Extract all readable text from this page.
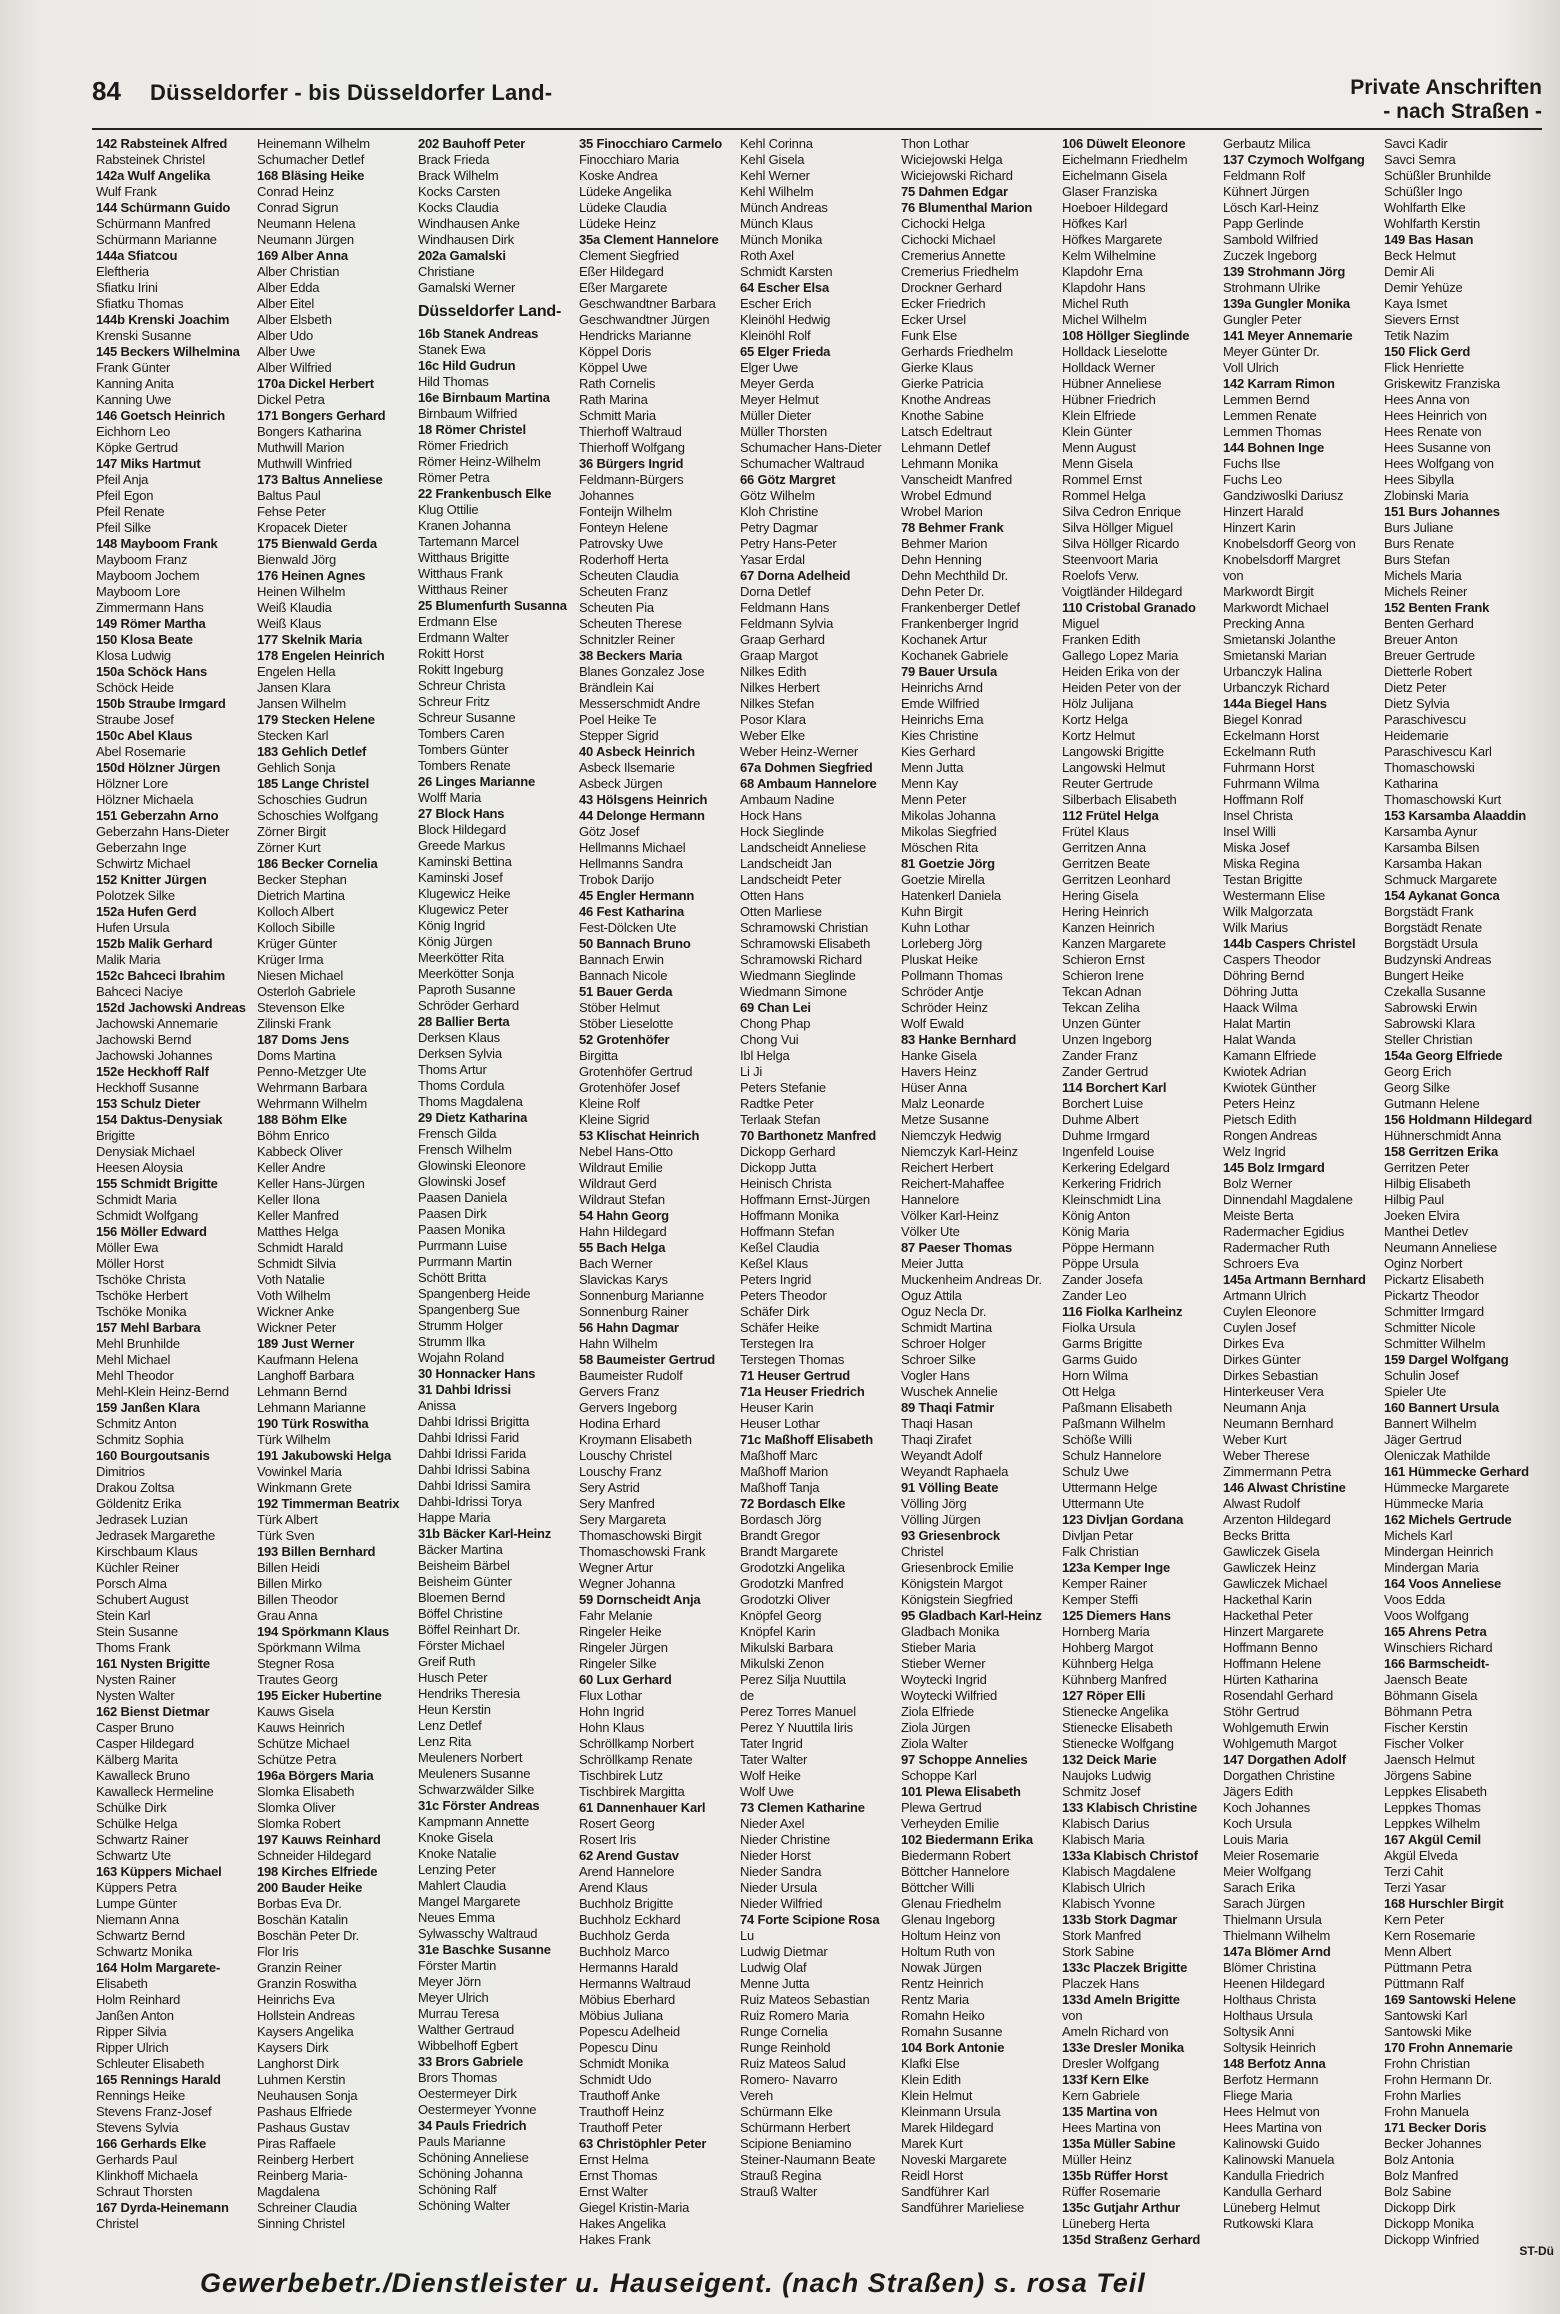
84 Düsseldorfer - bis Düsseldorfer Land-	Private Anschriften
- nach Straßen -
142 Rabsteinek Alfred
Rabsteinek Christel
142a Wulf Angelika
Wulf Frank
144 Schürmann Guido
Schürmann Manfred
Schürmann Marianne
144a Sfiatcou
Eleftheria
Sfiatku Irini
Sfiatku Thomas
144b Krenski Joachim
Krenski Susanne
145 Beckers Wilhelmina
Frank Günter
Kanning Anita
Kanning Uwe
146 Goetsch Heinrich
Eichhorn Leo
Köpke Gertrud
147 Miks Hartmut
Pfeil Anja
Pfeil Egon
Pfeil Renate
Pfeil Silke
148 Mayboom Frank
Mayboom Franz
Mayboom Jochem
Mayboom Lore
Zimmermann Hans
149 Römer Martha
150 Klosa Beate
Klosa Ludwig
150a Schöck Hans
Schöck Heide
150b Straube Irmgard
Straube Josef
150c Abel Klaus
Abel Rosemarie
150d Hölzner Jürgen
Hölzner Lore
Hölzner Michaela
151 Geberzahn Arno
Geberzahn Hans-Dieter
Geberzahn Inge
Schwirtz Michael
152 Knitter Jürgen
Polotzek Silke
152a Hufen Gerd
Hufen Ursula
152b Malik Gerhard
Malik Maria
152c Bahceci Ibrahim
Bahceci Naciye
152d Jachowski Andreas
Jachowski Annemarie
Jachowski Bernd
Jachowski Johannes
152e Heckhoff Ralf
Heckhoff Susanne
153 Schulz Dieter
154 Daktus-Denysiak
Brigitte
Denysiak Michael
Heesen Aloysia
155 Schmidt Brigitte
Schmidt Maria
Schmidt Wolfgang
156 Möller Edward
Möller Ewa
Möller Horst
Tschöke Christa
Tschöke Herbert
Tschöke Monika
157 Mehl Barbara
Mehl Brunhilde
Mehl Michael
Mehl Theodor
Mehl-Klein Heinz-Bernd
159 Janßen Klara
Schmitz Anton
Schmitz Sophia
160 Bourgoutsanis
Dimitrios
Drakou Zoltsa
Göldenitz Erika
Jedrasek Luzian
Jedrasek Margarethe
Kirschbaum Klaus
Küchler Reiner
Porsch Alma
Schubert August
Stein Karl
Stein Susanne
Thoms Frank
161 Nysten Brigitte
Nysten Rainer
Nysten Walter
162 Bienst Dietmar
Casper Bruno
Casper Hildegard
Kälberg Marita
Kawalleck Bruno
Kawalleck Hermeline
Schülke Dirk
Schülke Helga
Schwartz Rainer
Schwartz Ute
163 Küppers Michael
Küppers Petra
Lumpe Günter
Niemann Anna
Schwartz Bernd
Schwartz Monika
164 Holm Margarete-
Elisabeth
Holm Reinhard
Janßen Anton
Ripper Silvia
Ripper Ulrich
Schleuter Elisabeth
165 Rennings Harald
Rennings Heike
Stevens Franz-Josef
Stevens Sylvia
166 Gerhards Elke
Gerhards Paul
Klinkhoff Michaela
Schraut Thorsten
167 Dyrda-Heinemann
Christel
Heinemann Wilhelm
Schumacher Detlef
168 Bläsing Heike
Conrad Heinz
Conrad Sigrun
Neumann Helena
Neumann Jürgen
169 Alber Anna
Alber Christian
Alber Edda
Alber Eitel
Alber Elsbeth
Alber Udo
Alber Uwe
Alber Wilfried
170a Dickel Herbert
Dickel Petra
171 Bongers Gerhard
Bongers Katharina
Muthwill Marion
Muthwill Winfried
173 Baltus Anneliese
Baltus Paul
Fehse Peter
Kropacek Dieter
175 Bienwald Gerda
Bienwald Jörg
176 Heinen Agnes
Heinen Wilhelm
Weiß Klaudia
Weiß Klaus
177 Skelnik Maria
178 Engelen Heinrich
Engelen Hella
Jansen Klara
Jansen Wilhelm
179 Stecken Helene
Stecken Karl
183 Gehlich Detlef
Gehlich Sonja
185 Lange Christel
Schoschies Gudrun
Schoschies Wolfgang
Zörner Birgit
Zörner Kurt
186 Becker Cornelia
Becker Stephan
Dietrich Martina
Kolloch Albert
Kolloch Sibille
Krüger Günter
Krüger Irma
Niesen Michael
Osterloh Gabriele
Stevenson Elke
Zilinski Frank
187 Doms Jens
Doms Martina
Penno-Metzger Ute
Wehrmann Barbara
Wehrmann Wilhelm
188 Böhm Elke
Böhm Enrico
Kabbeck Oliver
Keller Andre
Keller Hans-Jürgen
Keller Ilona
Keller Manfred
Matthes Helga
Schmidt Harald
Schmidt Silvia
Voth Natalie
Voth Wilhelm
Wickner Anke
Wickner Peter
189 Just Werner
Kaufmann Helena
Langhoff Barbara
Lehmann Bernd
Lehmann Marianne
190 Türk Roswitha
Türk Wilhelm
191 Jakubowski Helga
Vowinkel Maria
Winkmann Grete
192 Timmerman Beatrix
Türk Albert
Türk Sven
193 Billen Bernhard
Billen Heidi
Billen Mirko
Billen Theodor
Grau Anna
194 Spörkmann Klaus
Spörkmann Wilma
Stegner Rosa
Trautes Georg
195 Eicker Hubertine
Kauws Gisela
Kauws Heinrich
Schütze Michael
Schütze Petra
196a Börgers Maria
Slomka Elisabeth
Slomka Oliver
Slomka Robert
197 Kauws Reinhard
Schneider Hildegard
198 Kirches Elfriede
200 Bauder Heike
Borbas Eva Dr.
Boschän Katalin
Boschän Peter Dr.
Flor Iris
Granzin Reiner
Granzin Roswitha
Heinrichs Eva
Hollstein Andreas
Kaysers Angelika
Kaysers Dirk
Langhorst Dirk
Luhmen Kerstin
Neuhausen Sonja
Pashaus Elfriede
Pashaus Gustav
Piras Raffaele
Reinberg Herbert
Reinberg Maria-
Magdalena
Schreiner Claudia
Sinning Christel
202 Bauhoff Peter
Brack Frieda
Brack Wilhelm
Kocks Carsten
Kocks Claudia
Windhausen Anke
Windhausen Dirk
202a Gamalski
Christiane
Gamalski Werner
Düsseldorfer Land-
16b Stanek Andreas
Stanek Ewa
16c Hild Gudrun
Hild Thomas
16e Birnbaum Martina
Birnbaum Wilfried
18 Römer Christel
Römer Friedrich
Römer Heinz-Wilhelm
Römer Petra
22 Frankenbusch Elke
Klug Ottilie
Kranen Johanna
Tartemann Marcel
Witthaus Brigitte
Witthaus Frank
Witthaus Reiner
25 Blumenfurth Susanna
Erdmann Else
Erdmann Walter
Rokitt Horst
Rokitt Ingeburg
Schreur Christa
Schreur Fritz
Schreur Susanne
Tombers Caren
Tombers Günter
Tombers Renate
26 Linges Marianne
Wolff Maria
27 Block Hans
Block Hildegard
Greede Markus
Kaminski Bettina
Kaminski Josef
Klugewicz Heike
Klugewicz Peter
König Ingrid
König Jürgen
Meerkötter Rita
Meerkötter Sonja
Paproth Susanne
Schröder Gerhard
28 Ballier Berta
Derksen Klaus
Derksen Sylvia
Thoms Artur
Thoms Cordula
Thoms Magdalena
29 Dietz Katharina
Frensch Gilda
Frensch Wilhelm
Glowinski Eleonore
Glowinski Josef
Paasen Daniela
Paasen Dirk
Paasen Monika
Purrmann Luise
Purrmann Martin
Schött Britta
Spangenberg Heide
Spangenberg Sue
Strumm Holger
Strumm Ilka
Wojahn Roland
30 Honnacker Hans
31 Dahbi Idrissi
Anissa
Dahbi Idrissi Brigitta
Dahbi Idrissi Farid
Dahbi Idrissi Farida
Dahbi Idrissi Sabina
Dahbi Idrissi Samira
Dahbi-Idrissi Torya
Happe Maria
31b Bäcker Karl-Heinz
Bäcker Martina
Beisheim Bärbel
Beisheim Günter
Bloemen Bernd
Böffel Christine
Böffel Reinhart Dr.
Förster Michael
Greif Ruth
Husch Peter
Hendriks Theresia
Heun Kerstin
Lenz Detlef
Lenz Rita
Meuleners Norbert
Meuleners Susanne
Schwarzwälder Silke
31c Förster Andreas
Kampmann Annette
Knoke Gisela
Knoke Natalie
Lenzing Peter
Mahlert Claudia
Mangel Margarete
Neues Emma
Sylwasschy Waltraud
31e Baschke Susanne
Förster Martin
Meyer Jörn
Meyer Ulrich
Murrau Teresa
Walther Gertraud
Wibbelhoff Egbert
33 Brors Gabriele
Brors Thomas
Oestermeyer Dirk
Oestermeyer Yvonne
34 Pauls Friedrich
Pauls Marianne
Schöning Anneliese
Schöning Johanna
Schöning Ralf
Schöning Walter
35 Finocchiaro Carmelo
Finocchiaro Maria
Koske Andrea
Lüdeke Angelika
Lüdeke Claudia
Lüdeke Heinz
35a Clement Hannelore
Clement Siegfried
Eßer Hildegard
Eßer Margarete
Geschwandtner Barbara
Geschwandtner Jürgen
Hendricks Marianne
Köppel Doris
Köppel Uwe
Rath Cornelis
Rath Marina
Schmitt Maria
Thierhoff Waltraud
Thierhoff Wolfgang
36 Bürgers Ingrid
Feldmann-Bürgers
Johannes
Fonteijn Wilhelm
Fonteyn Helene
Patrovsky Uwe
Roderhoff Herta
Scheuten Claudia
Scheuten Franz
Scheuten Pia
Scheuten Therese
Schnitzler Reiner
38 Beckers Maria
Blanes Gonzalez Jose
Brändlein Kai
Messerschmidt Andre
Poel Heike Te
Stepper Sigrid
40 Asbeck Heinrich
Asbeck Ilsemarie
Asbeck Jürgen
43 Hölsgens Heinrich
44 Delonge Hermann
Götz Josef
Hellmanns Michael
Hellmanns Sandra
Trobok Darijo
45 Engler Hermann
46 Fest Katharina
Fest-Dölcken Ute
50 Bannach Bruno
Bannach Erwin
Bannach Nicole
51 Bauer Gerda
Stöber Helmut
Stöber Lieselotte
52 Grotenhöfer
Birgitta
Grotenhöfer Gertrud
Grotenhöfer Josef
Kleine Rolf
Kleine Sigrid
53 Klischat Heinrich
Nebel Hans-Otto
Wildraut Emilie
Wildraut Gerd
Wildraut Stefan
54 Hahn Georg
Hahn Hildegard
55 Bach Helga
Bach Werner
Slavickas Karys
Sonnenburg Marianne
Sonnenburg Rainer
56 Hahn Dagmar
Hahn Wilhelm
58 Baumeister Gertrud
Baumeister Rudolf
Gervers Franz
Gervers Ingeborg
Hodina Erhard
Kroymann Elisabeth
Louschy Christel
Louschy Franz
Sery Astrid
Sery Manfred
Sery Margareta
Thomaschowski Birgit
Thomaschowski Frank
Wegner Artur
Wegner Johanna
59 Dornscheidt Anja
Fahr Melanie
Ringeler Heike
Ringeler Jürgen
Ringeler Silke
60 Lux Gerhard
Flux Lothar
Hohn Ingrid
Hohn Klaus
Schröllkamp Norbert
Schröllkamp Renate
Tischbirek Lutz
Tischbirek Margitta
61 Dannenhauer Karl
Rosert Georg
Rosert Iris
62 Arend Gustav
Arend Hannelore
Arend Klaus
Buchholz Brigitte
Buchholz Eckhard
Buchholz Gerda
Buchholz Marco
Hermanns Harald
Hermanns Waltraud
Möbius Eberhard
Möbius Juliana
Popescu Adelheid
Popescu Dinu
Schmidt Monika
Schmidt Udo
Trauthoff Anke
Trauthoff Heinz
Trauthoff Peter
63 Christöphler Peter
Ernst Helma
Ernst Thomas
Ernst Walter
Giegel Kristin-Maria
Hakes Angelika
Hakes Frank
Kehl Corinna
Kehl Gisela
Kehl Werner
Kehl Wilhelm
Münch Andreas
Münch Klaus
Münch Monika
Roth Axel
Schmidt Karsten
64 Escher Elsa
Escher Erich
Kleinöhl Hedwig
Kleinöhl Rolf
65 Elger Frieda
Elger Uwe
Meyer Gerda
Meyer Helmut
Müller Dieter
Müller Thorsten
Schumacher Hans-Dieter
Schumacher Waltraud
66 Götz Margret
Götz Wilhelm
Kloh Christine
Petry Dagmar
Petry Hans-Peter
Yasar Erdal
67 Dorna Adelheid
Dorna Detlef
Feldmann Hans
Feldmann Sylvia
Graap Gerhard
Graap Margot
Nilkes Edith
Nilkes Herbert
Nilkes Stefan
Posor Klara
Weber Elke
Weber Heinz-Werner
67a Dohmen Siegfried
68 Ambaum Hannelore
Ambaum Nadine
Hock Hans
Hock Sieglinde
Landscheidt Anneliese
Landscheidt Jan
Landscheidt Peter
Otten Hans
Otten Marliese
Schramowski Christian
Schramowski Elisabeth
Schramowski Richard
Wiedmann Sieglinde
Wiedmann Simone
69 Chan Lei
Chong Phap
Chong Vui
Ibl Helga
Li Ji
Peters Stefanie
Radtke Peter
Terlaak Stefan
70 Barthonetz Manfred
Dickopp Gerhard
Dickopp Jutta
Heinisch Christa
Hoffmann Ernst-Jürgen
Hoffmann Monika
Hoffmann Stefan
Keßel Claudia
Keßel Klaus
Peters Ingrid
Peters Theodor
Schäfer Dirk
Schäfer Heike
Terstegen Ira
Terstegen Thomas
71 Heuser Gertrud
71a Heuser Friedrich
Heuser Karin
Heuser Lothar
71c Maßhoff Elisabeth
Maßhoff Marc
Maßhoff Marion
Maßhoff Tanja
72 Bordasch Elke
Bordasch Jörg
Brandt Gregor
Brandt Margarete
Grodotzki Angelika
Grodotzki Manfred
Grodotzki Oliver
Knöpfel Georg
Knöpfel Karin
Mikulski Barbara
Mikulski Zenon
Perez Silja Nuuttila
de
Perez Torres Manuel
Perez Y Nuuttila Iiris
Tater Ingrid
Tater Walter
Wolf Heike
Wolf Uwe
73 Clemen Katharine
Nieder Axel
Nieder Christine
Nieder Horst
Nieder Sandra
Nieder Ursula
Nieder Wilfried
74 Forte Scipione Rosa
Lu
Ludwig Dietmar
Ludwig Olaf
Menne Jutta
Ruiz Mateos Sebastian
Ruiz Romero Maria
Runge Cornelia
Runge Reinhold
Ruiz Mateos Salud
Romero- Navarro
Vereh
Schürmann Elke
Schürmann Herbert
Scipione Beniamino
Steiner-Naumann Beate
Strauß Regina
Strauß Walter
Thon Lothar
Wiciejowski Helga
Wiciejowski Richard
75 Dahmen Edgar
76 Blumenthal Marion
Cichocki Helga
Cichocki Michael
Cremerius Annette
Cremerius Friedhelm
Drockner Gerhard
Ecker Friedrich
Ecker Ursel
Funk Else
Gerhards Friedhelm
Gierke Klaus
Gierke Patricia
Knothe Andreas
Knothe Sabine
Latsch Edeltraut
Lehmann Detlef
Lehmann Monika
Vanscheidt Manfred
Wrobel Edmund
Wrobel Marion
78 Behmer Frank
Behmer Marion
Dehn Henning
Dehn Mechthild Dr.
Dehn Peter Dr.
Frankenberger Detlef
Frankenberger Ingrid
Kochanek Artur
Kochanek Gabriele
79 Bauer Ursula
Heinrichs Arnd
Emde Wilfried
Heinrichs Erna
Kies Christine
Kies Gerhard
Menn Jutta
Menn Kay
Menn Peter
Mikolas Johanna
Mikolas Siegfried
Möschen Rita
81 Goetzie Jörg
Goetzie Mirella
Hatenkerl Daniela
Kuhn Birgit
Kuhn Lothar
Lorleberg Jörg
Pluskat Heike
Pollmann Thomas
Schröder Antje
Schröder Heinz
Wolf Ewald
83 Hanke Bernhard
Hanke Gisela
Havers Heinz
Hüser Anna
Malz Leonarde
Metze Susanne
Niemczyk Hedwig
Niemczyk Karl-Heinz
Reichert Herbert
Reichert-Mahaffee
Hannelore
Völker Karl-Heinz
Völker Ute
87 Paeser Thomas
Meier Jutta
Muckenheim Andreas Dr.
Oguz Attila
Oguz Necla Dr.
Schmidt Martina
Schroer Holger
Schroer Silke
Vogler Hans
Wuschek Annelie
89 Thaqi Fatmir
Thaqi Hasan
Thaqi Zirafet
Weyandt Adolf
Weyandt Raphaela
91 Völling Beate
Völling Jörg
Völling Jürgen
93 Griesenbrock
Christel
Griesenbrock Emilie
Königstein Margot
Königstein Siegfried
95 Gladbach Karl-Heinz
Gladbach Monika
Stieber Maria
Stieber Werner
Woytecki Ingrid
Woytecki Wilfried
Ziola Elfriede
Ziola Jürgen
Ziola Walter
97 Schoppe Annelies
Schoppe Karl
101 Plewa Elisabeth
Plewa Gertrud
Verheyden Emilie
102 Biedermann Erika
Biedermann Robert
Böttcher Hannelore
Böttcher Willi
Glenau Friedhelm
Glenau Ingeborg
Holtum Heinz von
Holtum Ruth von
Nowak Jürgen
Rentz Heinrich
Rentz Maria
Romahn Heiko
Romahn Susanne
104 Bork Antonie
Klafki Else
Klein Edith
Klein Helmut
Kleinmann Ursula
Marek Hildegard
Marek Kurt
Noveski Margarete
Reidl Horst
Sandführer Karl
Sandführer Marieliese
106 Düwelt Eleonore
Eichelmann Friedhelm
Eichelmann Gisela
Glaser Franziska
Hoeboer Hildegard
Höfkes Karl
Höfkes Margarete
Kelm Wilhelmine
Klapdohr Erna
Klapdohr Hans
Michel Ruth
Michel Wilhelm
108 Höllger Sieglinde
Holldack Lieselotte
Holldack Werner
Hübner Anneliese
Hübner Friedrich
Klein Elfriede
Klein Günter
Menn August
Menn Gisela
Rommel Ernst
Rommel Helga
Silva Cedron Enrique
Silva Höllger Miguel
Silva Höllger Ricardo
Steenvoort Maria
Roelofs Verw.
Voigtländer Hildegard
110 Cristobal Granado
Miguel
Franken Edith
Gallego Lopez Maria
Heiden Erika von der
Heiden Peter von der
Hölz Julijana
Kortz Helga
Kortz Helmut
Langowski Brigitte
Langowski Helmut
Reuter Gertrude
Silberbach Elisabeth
112 Frütel Helga
Frütel Klaus
Gerritzen Anna
Gerritzen Beate
Gerritzen Leonhard
Hering Gisela
Hering Heinrich
Kanzen Heinrich
Kanzen Margarete
Schieron Ernst
Schieron Irene
Tekcan Adnan
Tekcan Zeliha
Unzen Günter
Unzen Ingeborg
Zander Franz
Zander Gertrud
114 Borchert Karl
Borchert Luise
Duhme Albert
Duhme Irmgard
Ingenfeld Louise
Kerkering Edelgard
Kerkering Fridrich
Kleinschmidt Lina
König Anton
König Maria
Pöppe Hermann
Pöppe Ursula
Zander Josefa
Zander Leo
116 Fiolka Karlheinz
Fiolka Ursula
Garms Brigitte
Garms Guido
Horn Wilma
Ott Helga
Paßmann Elisabeth
Paßmann Wilhelm
Schöße Willi
Schulz Hannelore
Schulz Uwe
Uttermann Helge
Uttermann Ute
123 Divljan Gordana
Divljan Petar
Falk Christian
123a Kemper Inge
Kemper Rainer
Kemper Steffi
125 Diemers Hans
Hornberg Maria
Hohberg Margot
Kühnberg Helga
Kühnberg Manfred
127 Röper Elli
Stienecke Angelika
Stienecke Elisabeth
Stienecke Wolfgang
132 Deick Marie
Naujoks Ludwig
Schmitz Josef
133 Klabisch Christine
Klabisch Darius
Klabisch Maria
133a Klabisch Christof
Klabisch Magdalene
Klabisch Ulrich
Klabisch Yvonne
133b Stork Dagmar
Stork Manfred
Stork Sabine
133c Placzek Brigitte
Placzek Hans
133d Ameln Brigitte
von
Ameln Richard von
133e Dresler Monika
Dresler Wolfgang
133f Kern Elke
Kern Gabriele
135 Martina von
Hees Martina von
135a Müller Sabine
Müller Heinz
135b Rüffer Horst
Rüffer Rosemarie
135c Gutjahr Arthur
Lüneberg Herta
135d Straßenz Gerhard
Gerbautz Milica
137 Czymoch Wolfgang
Feldmann Rolf
Kühnert Jürgen
Lösch Karl-Heinz
Papp Gerlinde
Sambold Wilfried
Zuczek Ingeborg
139 Strohmann Jörg
Strohmann Ulrike
139a Gungler Monika
Gungler Peter
141 Meyer Annemarie
Meyer Günter Dr.
Voll Ulrich
142 Karram Rimon
Lemmen Bernd
Lemmen Renate
Lemmen Thomas
144 Bohnen Inge
Fuchs Ilse
Fuchs Leo
Gandziwoslki Dariusz
Hinzert Harald
Hinzert Karin
Knobelsdorff Georg von
Knobelsdorff Margret
von
Markwordt Birgit
Markwordt Michael
Precking Anna
Smietanski Jolanthe
Smietanski Marian
Urbanczyk Halina
Urbanczyk Richard
144a Biegel Hans
Biegel Konrad
Eckelmann Horst
Eckelmann Ruth
Fuhrmann Horst
Fuhrmann Wilma
Hoffmann Rolf
Insel Christa
Insel Willi
Miska Josef
Miska Regina
Testan Brigitte
Westermann Elise
Wilk Malgorzata
Wilk Marius
144b Caspers Christel
Caspers Theodor
Döhring Bernd
Döhring Jutta
Haack Wilma
Halat Martin
Halat Wanda
Kamann Elfriede
Kwiotek Adrian
Kwiotek Günther
Peters Heinz
Pietsch Edith
Rongen Andreas
Welz Ingrid
145 Bolz Irmgard
Bolz Werner
Dinnendahl Magdalene
Meiste Berta
Radermacher Egidius
Radermacher Ruth
Schroers Eva
145a Artmann Bernhard
Artmann Ulrich
Cuylen Eleonore
Cuylen Josef
Dirkes Eva
Dirkes Günter
Dirkes Sebastian
Hinterkeuser Vera
Neumann Anja
Neumann Bernhard
Weber Kurt
Weber Therese
Zimmermann Petra
146 Alwast Christine
Alwast Rudolf
Arzenton Hildegard
Becks Britta
Gawliczek Gisela
Gawliczek Heinz
Gawliczek Michael
Hackethal Karin
Hackethal Peter
Hinzert Margarete
Hoffmann Benno
Hoffmann Helene
Hürten Katharina
Rosendahl Gerhard
Stöhr Gertrud
Wohlgemuth Erwin
Wohlgemuth Margot
147 Dorgathen Adolf
Dorgathen Christine
Jägers Edith
Koch Johannes
Koch Ursula
Louis Maria
Meier Rosemarie
Meier Wolfgang
Sarach Erika
Sarach Jürgen
Thielmann Ursula
Thielmann Wilhelm
147a Blömer Arnd
Blömer Christina
Heenen Hildegard
Holthaus Christa
Holthaus Ursula
Soltysik Anni
Soltysik Heinrich
148 Berfotz Anna
Berfotz Hermann
Fliege Maria
Hees Helmut von
Hees Martina von
Kalinowski Guido
Kalinowski Manuela
Kandulla Friedrich
Kandulla Gerhard
Lüneberg Helmut
Rutkowski Klara
Savci Kadir
Savci Semra
Schüßler Brunhilde
Schüßler Ingo
Wohlfarth Elke
Wohlfarth Kerstin
149 Bas Hasan
Beck Helmut
Demir Ali
Demir Yehüze
Kaya Ismet
Sievers Ernst
Tetik Nazim
150 Flick Gerd
Flick Henriette
Griskewitz Franziska
Hees Anna von
Hees Heinrich von
Hees Renate von
Hees Susanne von
Hees Wolfgang von
Hees Sibylla
Zlobinski Maria
151 Burs Johannes
Burs Juliane
Burs Renate
Burs Stefan
Michels Maria
Michels Reiner
152 Benten Frank
Benten Gerhard
Breuer Anton
Breuer Gertrude
Dietterle Robert
Dietz Peter
Dietz Sylvia
Paraschivescu
Heidemarie
Paraschivescu Karl
Thomaschowski
Katharina
Thomaschowski Kurt
153 Karsamba Alaaddin
Karsamba Aynur
Karsamba Bilsen
Karsamba Hakan
Schmuck Margarete
154 Aykanat Gonca
Borgstädt Frank
Borgstädt Renate
Borgstädt Ursula
Budzynski Andreas
Bungert Heike
Czekalla Susanne
Sabrowski Erwin
Sabrowski Klara
Steller Christian
154a Georg Elfriede
Georg Erich
Georg Silke
Gutmann Helene
156 Holdmann Hildegard
Hühnerschmidt Anna
158 Gerritzen Erika
Gerritzen Peter
Hilbig Elisabeth
Hilbig Paul
Joeken Elvira
Manthei Detlev
Neumann Anneliese
Oginz Norbert
Pickartz Elisabeth
Pickartz Theodor
Schmitter Irmgard
Schmitter Nicole
Schmitter Wilhelm
159 Dargel Wolfgang
Schulin Josef
Spieler Ute
160 Bannert Ursula
Bannert Wilhelm
Jäger Gertrud
Oleniczak Mathilde
161 Hümmecke Gerhard
Hümmecke Margarete
Hümmecke Maria
162 Michels Gertrude
Michels Karl
Mindergan Heinrich
Mindergan Maria
164 Voos Anneliese
Voos Edda
Voos Wolfgang
165 Ahrens Petra
Winschiers Richard
166 Barmscheidt-
Jaensch Beate
Böhmann Gisela
Böhmann Petra
Fischer Kerstin
Fischer Volker
Jaensch Helmut
Jörgens Sabine
Leppkes Elisabeth
Leppkes Thomas
Leppkes Wilhelm
167 Akgül Cemil
Akgül Elveda
Terzi Cahit
Terzi Yasar
168 Hurschler Birgit
Kern Peter
Kern Rosemarie
Menn Albert
Püttmann Petra
Püttmann Ralf
169 Santowski Helene
Santowski Karl
Santowski Mike
170 Frohn Annemarie
Frohn Christian
Frohn Hermann Dr.
Frohn Marlies
Frohn Manuela
171 Becker Doris
Becker Johannes
Bolz Antonia
Bolz Manfred
Bolz Sabine
Dickopp Dirk
Dickopp Monika
Dickopp Winfried
Gewerbebetr./Dienstleister u. Hauseigent. (nach Straßen) s. rosa Teil
ST-Dü
